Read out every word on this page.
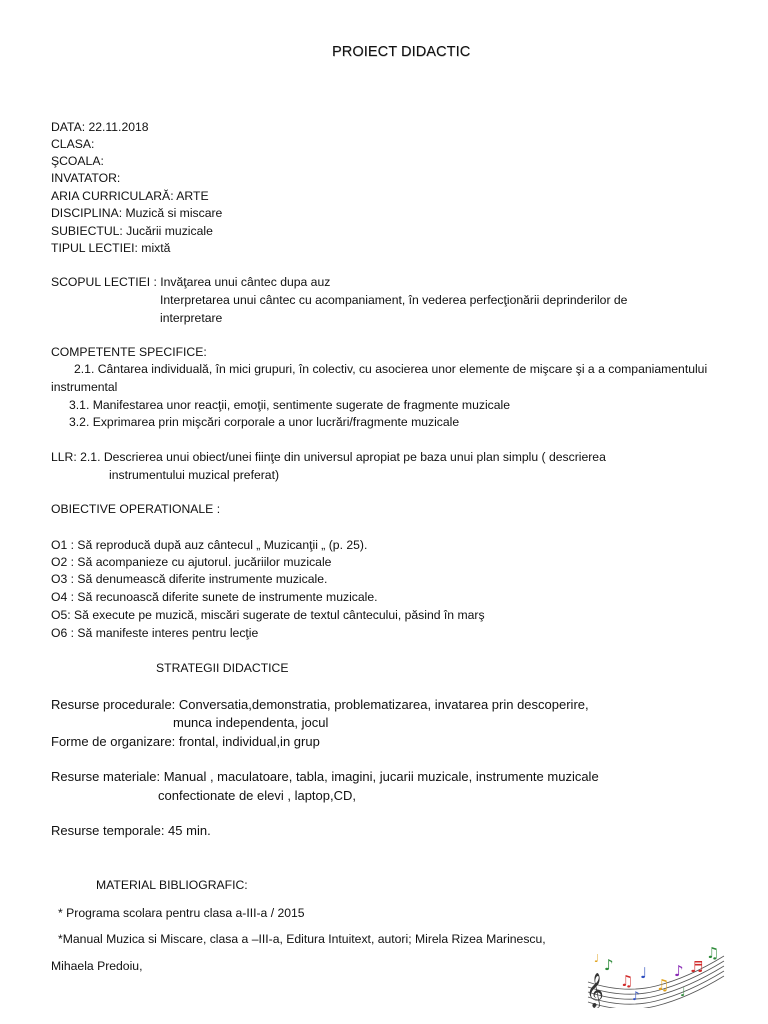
PROIECT DIDACTIC
DATA: 22.11.2018
CLASA:
ŞCOALA:
INVATATOR:
ARIA CURRICULARĂ: ARTE
DISCIPLINA: Muzică si miscare
SUBIECTUL: Jucării muzicale
TIPUL LECTIEI: mixtă
SCOPUL LECTIEI : Invăţarea unui cântec dupa auz
Interpretarea unui cântec cu acompaniament, în vederea perfecţionării deprinderilor de
interpretare
COMPETENTE SPECIFICE:
2.1. Cântarea individuală, în mici grupuri, în colectiv, cu asocierea unor elemente de mişcare şi a a companiamentului
instrumental
3.1. Manifestarea unor reacţii, emoţii, sentimente sugerate de fragmente muzicale
3.2. Exprimarea prin mişcări corporale a unor lucrări/fragmente muzicale
LLR: 2.1. Descrierea unui obiect/unei fiinţe din universul apropiat pe baza unui plan simplu ( descrierea
instrumentului muzical preferat)
OBIECTIVE OPERATIONALE :
O1 : Să reproducă după auz cântecul „ Muzicanţii „ (p. 25).
O2 : Să acompanieze cu ajutorul. jucăriilor muzicale
O3 : Să denumească diferite instrumente muzicale.
O4 : Să recunoască diferite sunete de instrumente muzicale.
O5: Să execute pe muzică, miscări sugerate de textul cântecului, păsind în marş
O6 : Să manifeste interes pentru lecţie
STRATEGII DIDACTICE
Resurse procedurale: Conversatia,demonstratia, problematizarea, invatarea prin descoperire,
munca independenta, jocul
Forme de organizare: frontal, individual,in grup
Resurse materiale: Manual , maculatoare, tabla, imagini, jucarii muzicale, instrumente muzicale
confectionate de elevi , laptop,CD,
Resurse temporale: 45 min.
MATERIAL BIBLIOGRAFIC:
* Programa scolara pentru clasa a-III-a / 2015
*Manual Muzica si Miscare, clasa a –III-a, Editura Intuitext, autori; Mirela Rizea Marinescu,
Mihaela Predoiu,
𝄞
♪
♫ ♩
♫
♪ ♬
♫
♩
♪	♩
